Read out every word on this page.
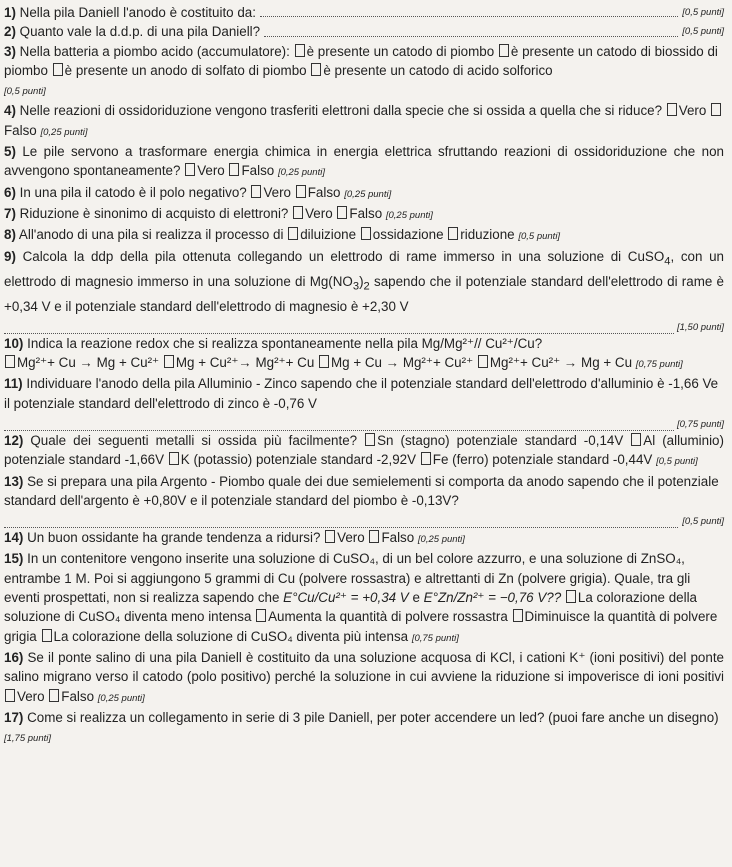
1) Nella pila Daniell l'anodo è costituito da:	[0,5 punti]

2) Quanto vale la d.d.p. di una pila Daniell?	[0,5 punti]

3) Nella batteria a piombo acido (accumulatore): è presente un catodo di piombo è presente un catodo di biossido di piombo è presente un anodo di solfato di piombo è presente un catodo di acido solforico
[0,5 punti]

4) Nelle reazioni di ossidoriduzione vengono trasferiti elettroni dalla specie che si ossida a quella che si riduce? Vero Falso [0,25 punti]

5) Le pile servono a trasformare energia chimica in energia elettrica sfruttando reazioni di ossidoriduzione che non avvengono spontaneamente? Vero Falso [0,25 punti]

6) In una pila il catodo è il polo negativo? Vero Falso [0,25 punti]

7) Riduzione è sinonimo di acquisto di elettroni? Vero Falso [0,25 punti]

8) All'anodo di una pila si realizza il processo di diluizione ossidazione riduzione [0,5 punti]

9) Calcola la ddp della pila ottenuta collegando un elettrodo di rame immerso in una soluzione di CuSO$_4$, con un elettrodo di magnesio immerso in una soluzione di $Mg(NO_3)_2$ sapendo che il potenziale standard dell'elettrodo di rame è +0,34 V e il potenziale standard dell'elettrodo di magnesio è +2,30 V
[1,50 punti]

10) Indica la reazione redox che si realizza spontaneamente nella pila Mg/Mg²⁺// Cu²⁺/Cu?
Mg²⁺+ Cu → Mg + Cu²⁺ Mg + Cu²⁺→ Mg²⁺+ Cu Mg + Cu → Mg²⁺+ Cu²⁺ Mg²⁺+ Cu²⁺ → Mg + Cu [0,75 punti]

11) Individuare l'anodo della pila Alluminio - Zinco sapendo che il potenziale standard dell'elettrodo d'alluminio è -1,66 Ve il potenziale standard dell'elettrodo di zinco è -0,76 V
[0,75 punti]

12) Quale dei seguenti metalli si ossida più facilmente? Sn (stagno) potenziale standard -0,14V Al (alluminio) potenziale standard -1,66V K (potassio) potenziale standard -2,92V Fe (ferro) potenziale standard -0,44V [0,5 punti]

13) Se si prepara una pila Argento - Piombo quale dei due semielementi si comporta da anodo sapendo che il potenziale standard dell'argento è +0,80V e il potenziale standard del piombo è -0,13V?
[0,5 punti]

14) Un buon ossidante ha grande tendenza a ridursi? Vero Falso [0,25 punti]

15) In un contenitore vengono inserite una soluzione di CuSO₄, di un bel colore azzurro, e una soluzione di ZnSO₄, entrambe 1 M. Poi si aggiungono 5 grammi di Cu (polvere rossastra) e altrettanti di Zn (polvere grigia). Quale, tra gli eventi prospettati, non si realizza sapendo che E°Cu/Cu²⁺ = +0,34 V e E°Zn/Zn²⁺ = −0,76 V?? La colorazione della soluzione di CuSO₄ diventa meno intensa Aumenta la quantità di polvere rossastra Diminuisce la quantità di polvere grigia La colorazione della soluzione di CuSO₄ diventa più intensa [0,75 punti]

16) Se il ponte salino di una pila Daniell è costituito da una soluzione acquosa di KCl, i cationi K⁺ (ioni positivi) del ponte salino migrano verso il catodo (polo positivo) perché la soluzione in cui avviene la riduzione si impoverisce di ioni positivi Vero Falso [0,25 punti]

17) Come si realizza un collegamento in serie di 3 pile Daniell, per poter accendere un led? (puoi fare anche un disegno) [1,75 punti]
